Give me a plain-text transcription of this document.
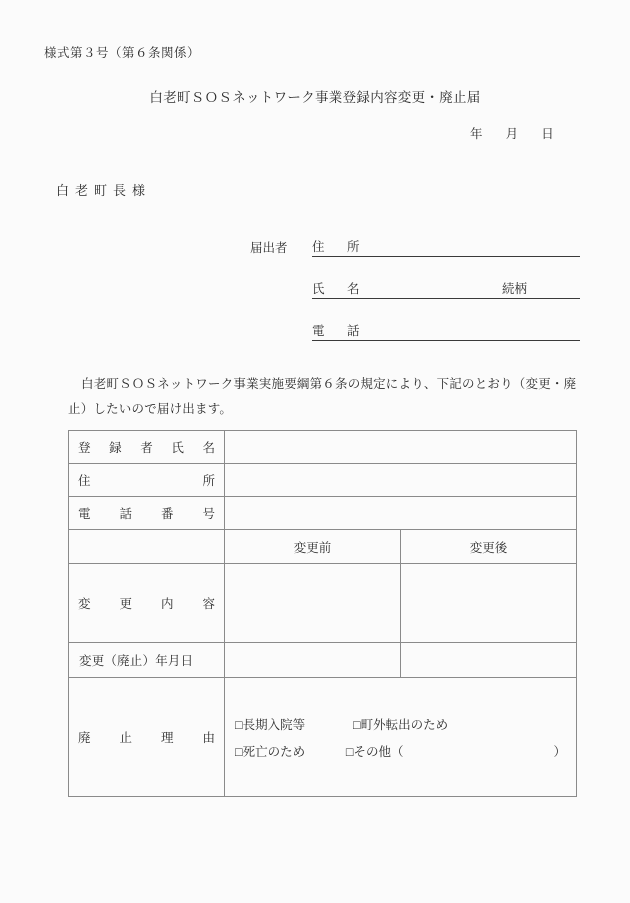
様式第３号（第６条関係）
白老町ＳＯＳネットワーク事業登録内容変更・廃止届
年 月 日
白老町長様
届出者 住　所
氏　名	続柄
電　話
白老町ＳＯＳネットワーク事業実施要綱第６条の規定により、下記のとおり（変更・廃止）したいので届け出ます。
登録者氏名		
住所		
電話番号		
	変更前	変更後
変更内容		
変更（廃止）年月日		
廃止理由	□長期入院等 □町外転出のため
□死亡のため □その他（ ）	
